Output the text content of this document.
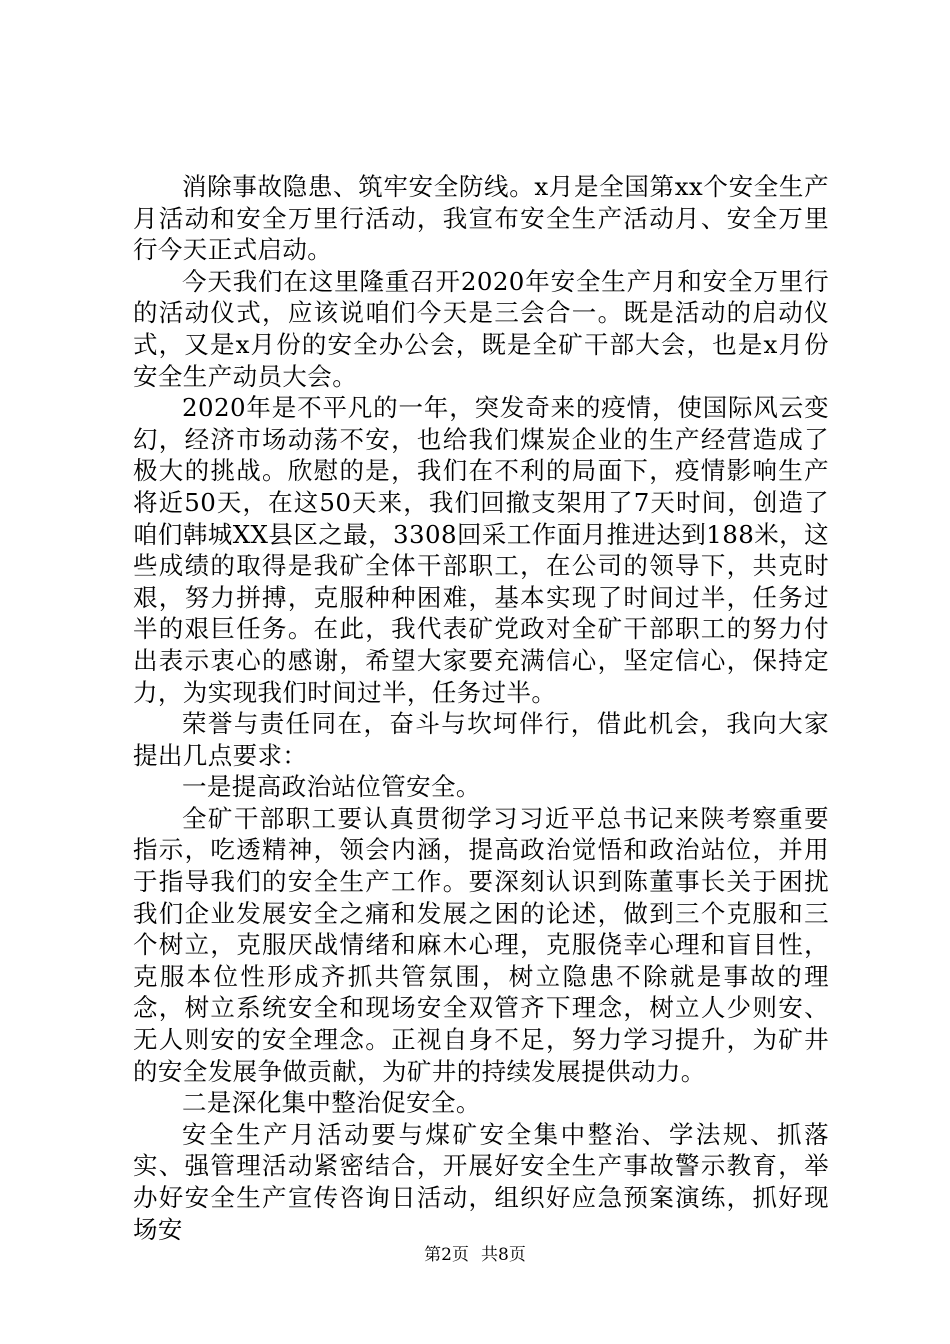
消除事故隐患、筑牢安全防线。x月是全国第xx个安全生产月活动和安全万里行活动，我宣布安全生产活动月、安全万里行今天正式启动。

今天我们在这里隆重召开2020年安全生产月和安全万里行的活动仪式，应该说咱们今天是三会合一。既是活动的启动仪式，又是x月份的安全办公会，既是全矿干部大会，也是x月份安全生产动员大会。

2020年是不平凡的一年，突发奇来的疫情，使国际风云变幻，经济市场动荡不安，也给我们煤炭企业的生产经营造成了极大的挑战。欣慰的是，我们在不利的局面下，疫情影响生产将近50天，在这50天来，我们回撤支架用了7天时间，创造了咱们韩城XX县区之最，3308回采工作面月推进达到188米，这些成绩的取得是我矿全体干部职工，在公司的领导下，共克时艰，努力拼搏，克服种种困难，基本实现了时间过半，任务过半的艰巨任务。在此，我代表矿党政对全矿干部职工的努力付出表示衷心的感谢，希望大家要充满信心，坚定信心，保持定力，为实现我们时间过半，任务过半。

荣誉与责任同在，奋斗与坎坷伴行，借此机会，我向大家提出几点要求：

一是提高政治站位管安全。

全矿干部职工要认真贯彻学习习近平总书记来陕考察重要指示，吃透精神，领会内涵，提高政治觉悟和政治站位，并用于指导我们的安全生产工作。要深刻认识到陈董事长关于困扰我们企业发展安全之痛和发展之困的论述，做到三个克服和三个树立，克服厌战情绪和麻木心理，克服侥幸心理和盲目性，克服本位性形成齐抓共管氛围，树立隐患不除就是事故的理念，树立系统安全和现场安全双管齐下理念，树立人少则安、无人则安的安全理念。正视自身不足，努力学习提升，为矿井的安全发展争做贡献，为矿井的持续发展提供动力。

二是深化集中整治促安全。

安全生产月活动要与煤矿安全集中整治、学法规、抓落实、强管理活动紧密结合，开展好安全生产事故警示教育，举办好安全生产宣传咨询日活动，组织好应急预案演练，抓好现场安

第2页 共8页
